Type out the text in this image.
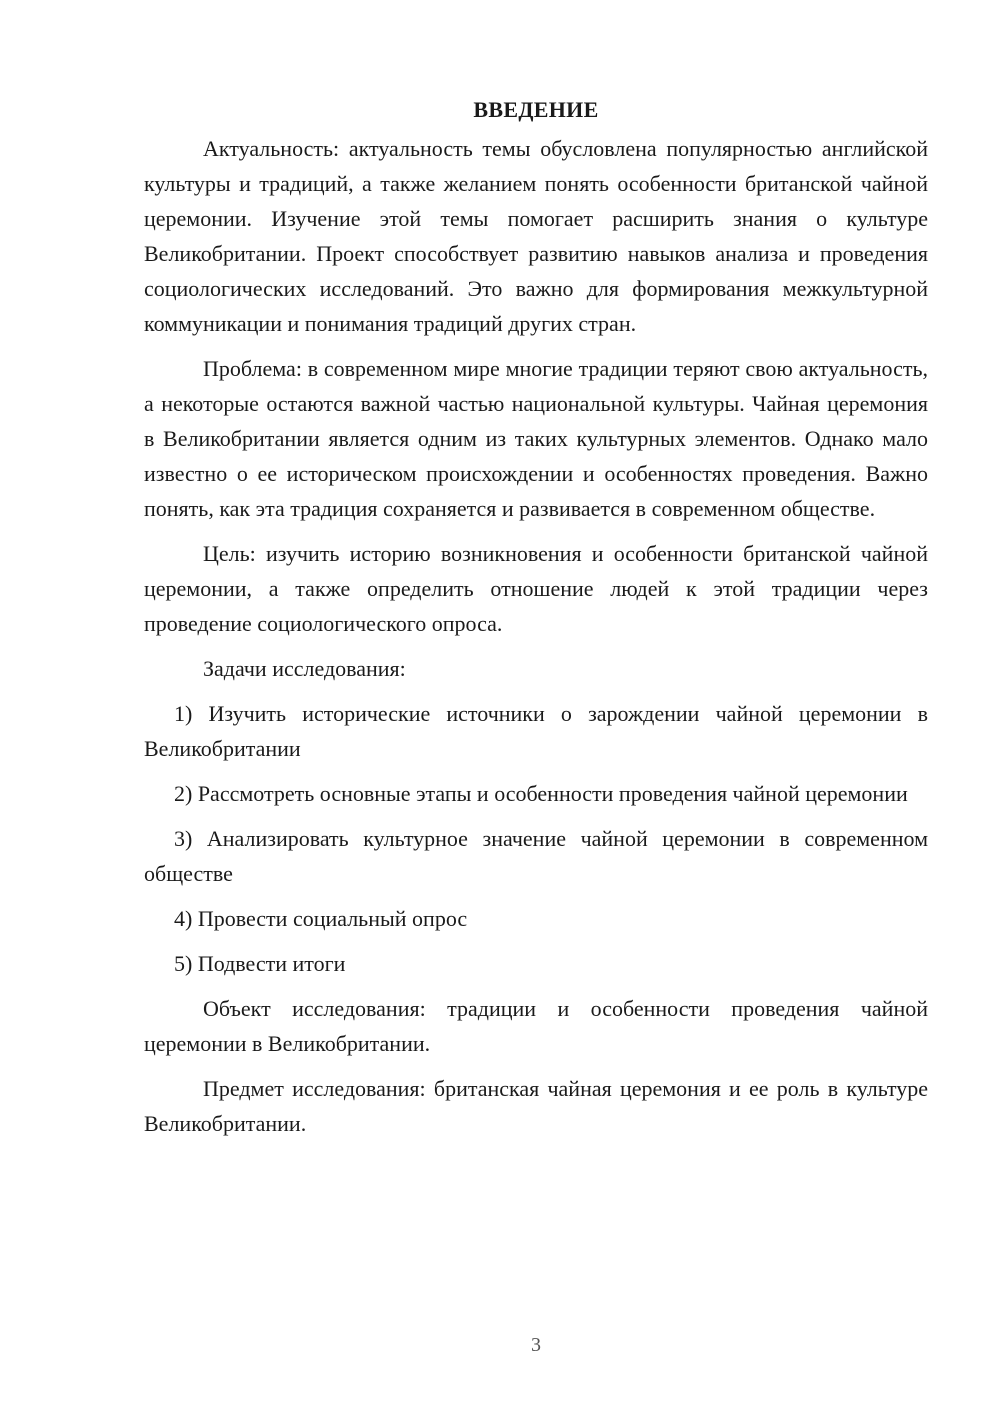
ВВЕДЕНИЕ

Актуальность: актуальность темы обусловлена популярностью английской культуры и традиций, а также желанием понять особенности британской чайной церемонии. Изучение этой темы помогает расширить знания о культуре Великобритании. Проект способствует развитию навыков анализа и проведения социологических исследований. Это важно для формирования межкультурной коммуникации и понимания традиций других стран.

Проблема: в современном мире многие традиции теряют свою актуальность, а некоторые остаются важной частью национальной культуры. Чайная церемония в Великобритании является одним из таких культурных элементов. Однако мало известно о ее историческом происхождении и особенностях проведения. Важно понять, как эта традиция сохраняется и развивается в современном обществе.

Цель: изучить историю возникновения и особенности британской чайной церемонии, а также определить отношение людей к этой традиции через проведение социологического опроса.

Задачи исследования:

1) Изучить исторические источники о зарождении чайной церемонии в Великобритании

2) Рассмотреть основные этапы и особенности проведения чайной церемонии

3) Анализировать культурное значение чайной церемонии в современном обществе

4) Провести социальный опрос

5) Подвести итоги

Объект исследования: традиции и особенности проведения чайной церемонии в Великобритании.

Предмет исследования: британская чайная церемония и ее роль в культуре Великобритании.

3
